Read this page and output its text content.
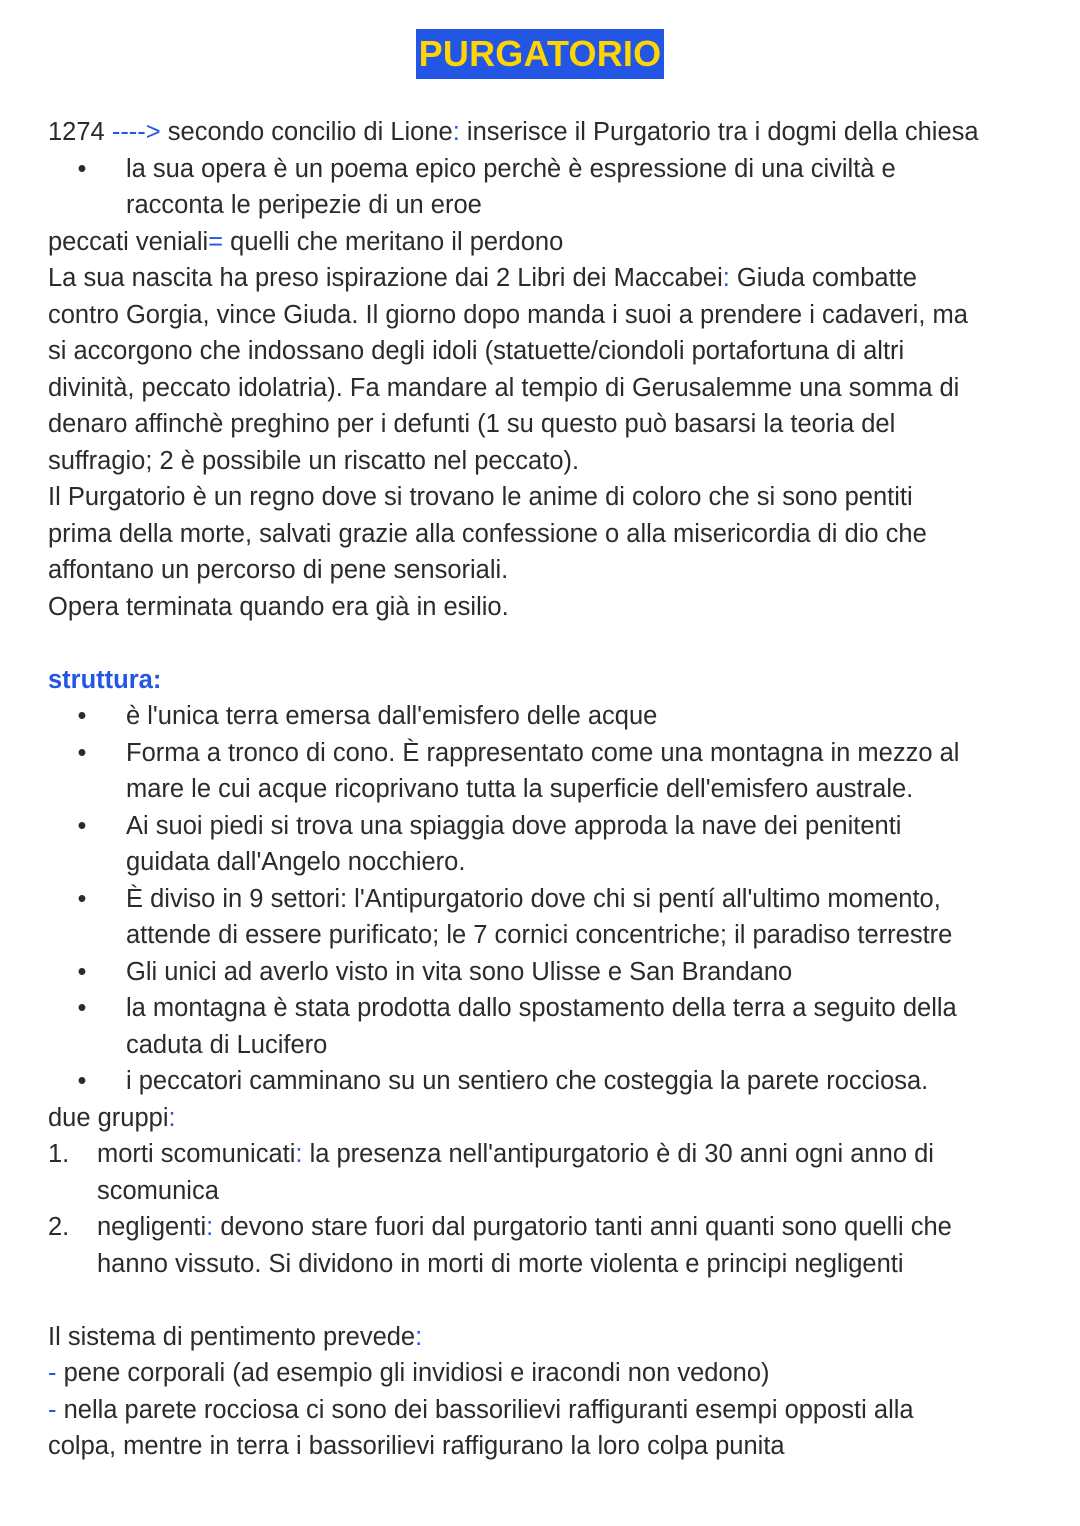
PURGATORIO
1274 ----> secondo concilio di Lione: inserisce il Purgatorio tra i dogmi della chiesa
• la sua opera è un poema epico perchè è espressione di una civiltà e
racconta le peripezie di un eroe
peccati veniali= quelli che meritano il perdono
La sua nascita ha preso ispirazione dai 2 Libri dei Maccabei: Giuda combatte
contro Gorgia, vince Giuda. Il giorno dopo manda i suoi a prendere i cadaveri, ma
si accorgono che indossano degli idoli (statuette/ciondoli portafortuna di altri
divinità, peccato idolatria). Fa mandare al tempio di Gerusalemme una somma di
denaro affinchè preghino per i defunti (1 su questo può basarsi la teoria del
suffragio; 2 è possibile un riscatto nel peccato).
Il Purgatorio è un regno dove si trovano le anime di coloro che si sono pentiti
prima della morte, salvati grazie alla confessione o alla misericordia di dio che
affontano un percorso di pene sensoriali.
Opera terminata quando era già in esilio.
struttura:
• è l'unica terra emersa dall'emisfero delle acque
• Forma a tronco di cono. È rappresentato come una montagna in mezzo al
mare le cui acque ricoprivano tutta la superficie dell'emisfero australe.
• Ai suoi piedi si trova una spiaggia dove approda la nave dei penitenti
guidata dall'Angelo nocchiero.
• È diviso in 9 settori: l'Antipurgatorio dove chi si pentí all'ultimo momento,
attende di essere purificato; le 7 cornici concentriche; il paradiso terrestre
• Gli unici ad averlo visto in vita sono Ulisse e San Brandano
• la montagna è stata prodotta dallo spostamento della terra a seguito della
caduta di Lucifero
• i peccatori camminano su un sentiero che costeggia la parete rocciosa.
due gruppi:
1. morti scomunicati: la presenza nell'antipurgatorio è di 30 anni ogni anno di
scomunica
2. negligenti: devono stare fuori dal purgatorio tanti anni quanti sono quelli che
hanno vissuto. Si dividono in morti di morte violenta e principi negligenti
Il sistema di pentimento prevede:
- pene corporali (ad esempio gli invidiosi e iracondi non vedono)
- nella parete rocciosa ci sono dei bassorilievi raffiguranti esempi opposti alla
colpa, mentre in terra i bassorilievi raffigurano la loro colpa punita
